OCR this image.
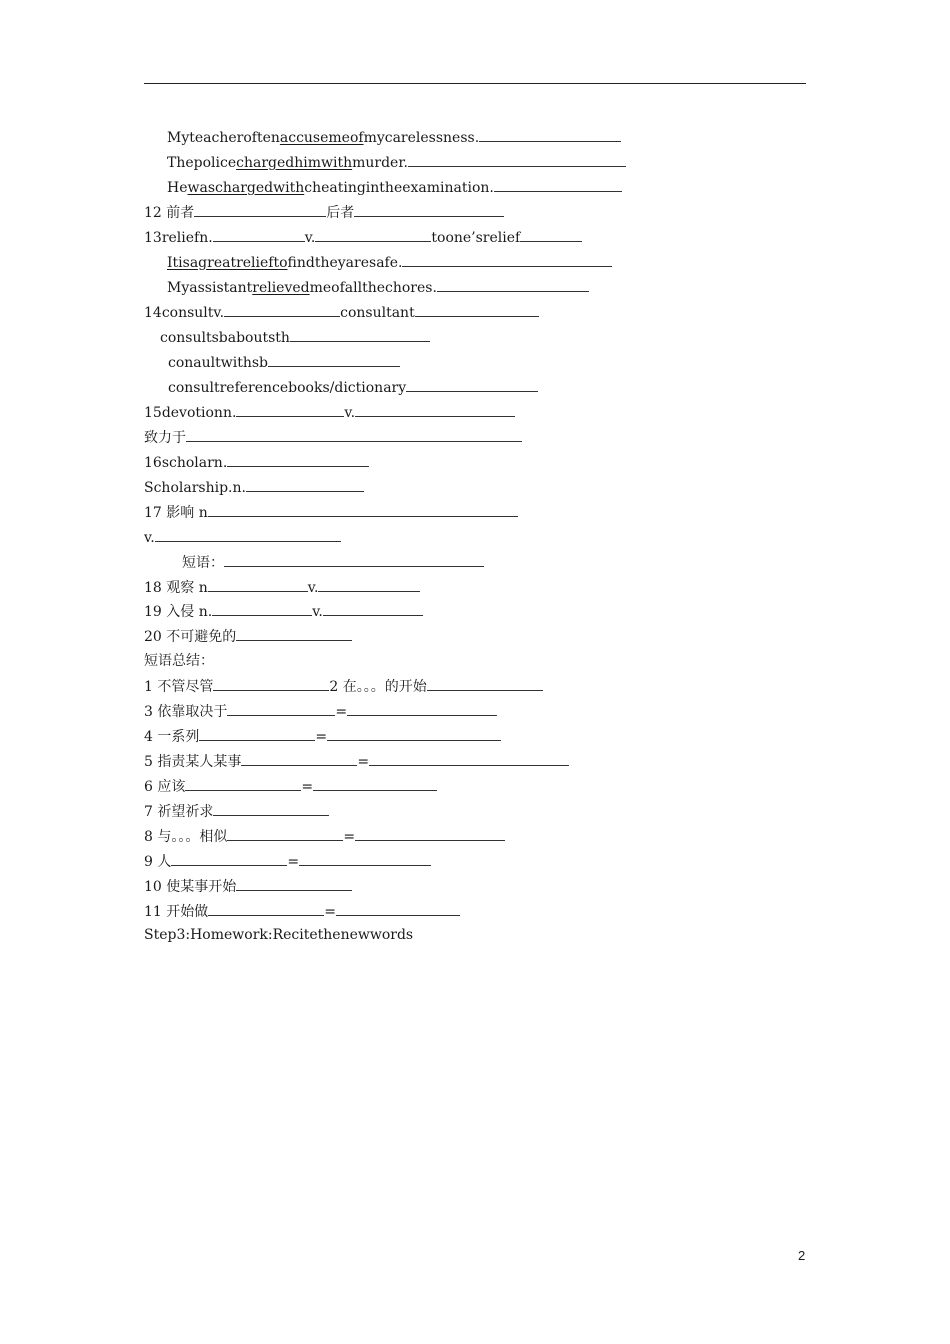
Myteacheroftenaccusemeofmycarelessness.
Thepolicechargedhimwithmurder.
Hewaschargedwithcheatingintheexamination.
12 前者	后者
13reliefn.	v.	toone’srelief
Itisagreatrelieftοfindtheyaresafe.
Myassistantrelievedmeofallthechores.
14consultv.	consultant
consultsbaboutsth
conaultwithsb
consultreferencebooks/dictionary
15devotionn.	v.
致力于
16scholarn.
Scholarship.n.
17 影响 n
v.
短语：
18 观察 n	v.
19 入侵 n.	v.
20 不可避免的
短语总结：
1 不管尽管	2 在。。。的开始
3 依靠取决于	=
4 一系列	=
5 指责某人某事	=
6 应该	=
7 祈望祈求
8 与。。。相似	=
9 人	=
10 使某事开始
11 开始做	=
Step3:Homework:Recitethenewwords
2
